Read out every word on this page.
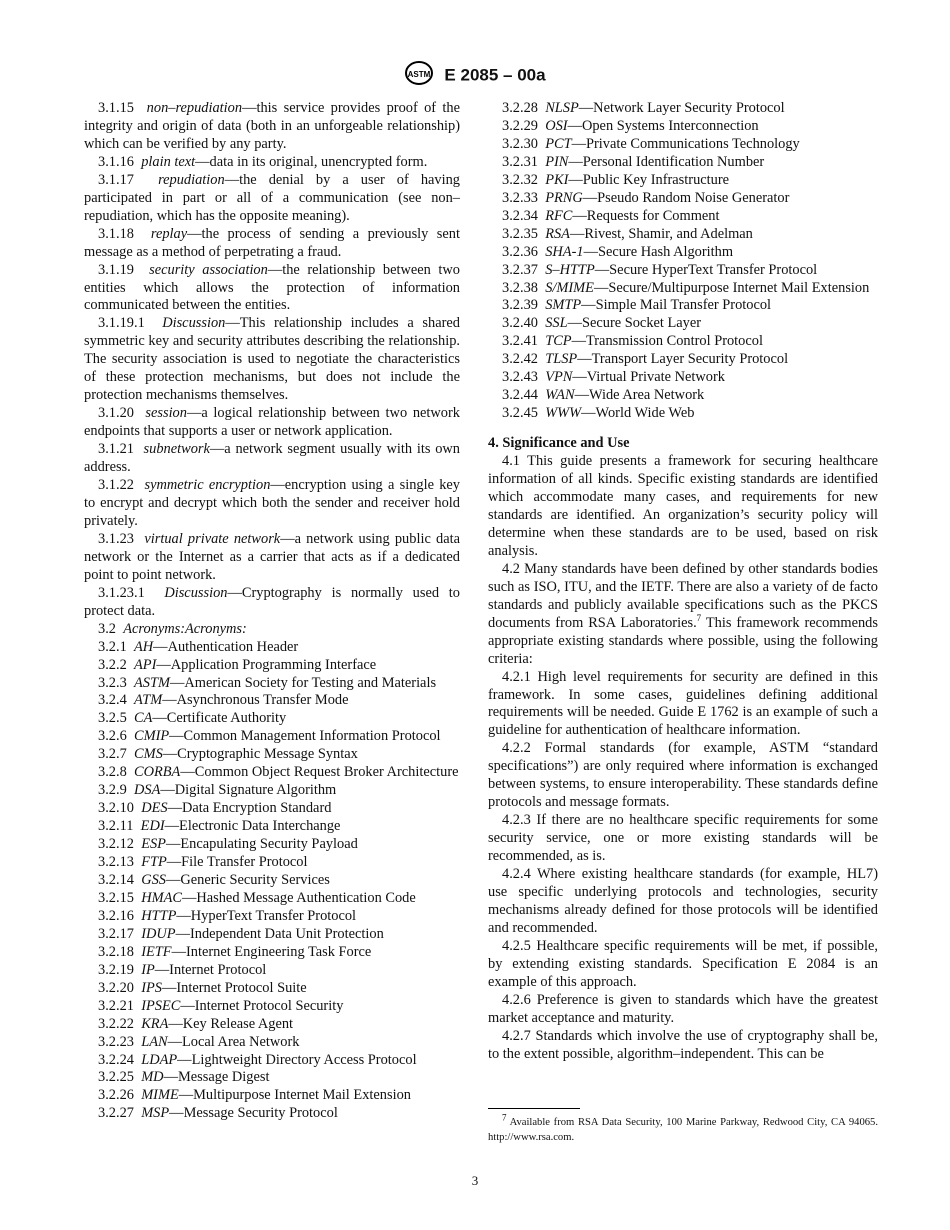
ASTM E 2085 – 00a

3.1.15 non–repudiation—this service provides proof of the integrity and origin of data (both in an unforgeable relationship) which can be verified by any party.

3.1.16 plain text—data in its original, unencrypted form.

3.1.17 repudiation—the denial by a user of having participated in part or all of a communication (see non–repudiation, which has the opposite meaning).

3.1.18 replay—the process of sending a previously sent message as a method of perpetrating a fraud.

3.1.19 security association—the relationship between two entities which allows the protection of information communicated between the entities.

3.1.19.1 Discussion—This relationship includes a shared symmetric key and security attributes describing the relationship. The security association is used to negotiate the characteristics of these protection mechanisms, but does not include the protection mechanisms themselves.

3.1.20 session—a logical relationship between two network endpoints that supports a user or network application.

3.1.21 subnetwork—a network segment usually with its own address.

3.1.22 symmetric encryption—encryption using a single key to encrypt and decrypt which both the sender and receiver hold privately.

3.1.23 virtual private network—a network using public data network or the Internet as a carrier that acts as if a dedicated point to point network.

3.1.23.1 Discussion—Cryptography is normally used to protect data.

3.2 Acronyms:Acronyms:

3.2.1 AH—Authentication Header

3.2.2 API—Application Programming Interface

3.2.3 ASTM—American Society for Testing and Materials

3.2.4 ATM—Asynchronous Transfer Mode

3.2.5 CA—Certificate Authority

3.2.6 CMIP—Common Management Information Protocol

3.2.7 CMS—Cryptographic Message Syntax

3.2.8 CORBA—Common Object Request Broker Architecture

3.2.9 DSA—Digital Signature Algorithm

3.2.10 DES—Data Encryption Standard

3.2.11 EDI—Electronic Data Interchange

3.2.12 ESP—Encapulating Security Payload

3.2.13 FTP—File Transfer Protocol

3.2.14 GSS—Generic Security Services

3.2.15 HMAC—Hashed Message Authentication Code

3.2.16 HTTP—HyperText Transfer Protocol

3.2.17 IDUP—Independent Data Unit Protection

3.2.18 IETF—Internet Engineering Task Force

3.2.19 IP—Internet Protocol

3.2.20 IPS—Internet Protocol Suite

3.2.21 IPSEC—Internet Protocol Security

3.2.22 KRA—Key Release Agent

3.2.23 LAN—Local Area Network

3.2.24 LDAP—Lightweight Directory Access Protocol

3.2.25 MD—Message Digest

3.2.26 MIME—Multipurpose Internet Mail Extension

3.2.27 MSP—Message Security Protocol

3.2.28 NLSP—Network Layer Security Protocol

3.2.29 OSI—Open Systems Interconnection

3.2.30 PCT—Private Communications Technology

3.2.31 PIN—Personal Identification Number

3.2.32 PKI—Public Key Infrastructure

3.2.33 PRNG—Pseudo Random Noise Generator

3.2.34 RFC—Requests for Comment

3.2.35 RSA—Rivest, Shamir, and Adelman

3.2.36 SHA-1—Secure Hash Algorithm

3.2.37 S–HTTP—Secure HyperText Transfer Protocol

3.2.38 S/MIME—Secure/Multipurpose Internet Mail Extension

3.2.39 SMTP—Simple Mail Transfer Protocol

3.2.40 SSL—Secure Socket Layer

3.2.41 TCP—Transmission Control Protocol

3.2.42 TLSP—Transport Layer Security Protocol

3.2.43 VPN—Virtual Private Network

3.2.44 WAN—Wide Area Network

3.2.45 WWW—World Wide Web

4. Significance and Use

4.1 This guide presents a framework for securing healthcare information of all kinds. Specific existing standards are identified which accommodate many cases, and requirements for new standards are identified. An organization’s security policy will determine when these standards are to be used, based on risk analysis.

4.2 Many standards have been defined by other standards bodies such as ISO, ITU, and the IETF. There are also a variety of de facto standards and publicly available specifications such as the PKCS documents from RSA Laboratories.$^7$ This framework recommends appropriate existing standards where possible, using the following criteria:

4.2.1 High level requirements for security are defined in this framework. In some cases, guidelines defining additional requirements will be needed. Guide E 1762 is an example of such a guideline for authentication of healthcare information.

4.2.2 Formal standards (for example, ASTM “standard specifications”) are only required where information is exchanged between systems, to ensure interoperability. These standards define protocols and message formats.

4.2.3 If there are no healthcare specific requirements for some security service, one or more existing standards will be recommended, as is.

4.2.4 Where existing healthcare standards (for example, HL7) use specific underlying protocols and technologies, security mechanisms already defined for those protocols will be identified and recommended.

4.2.5 Healthcare specific requirements will be met, if possible, by extending existing standards. Specification E 2084 is an example of this approach.

4.2.6 Preference is given to standards which have the greatest market acceptance and maturity.

4.2.7 Standards which involve the use of cryptography shall be, to the extent possible, algorithm–independent. This can be

$^7$ Available from RSA Data Security, 100 Marine Parkway, Redwood City, CA 94065. http://www.rsa.com.

3
